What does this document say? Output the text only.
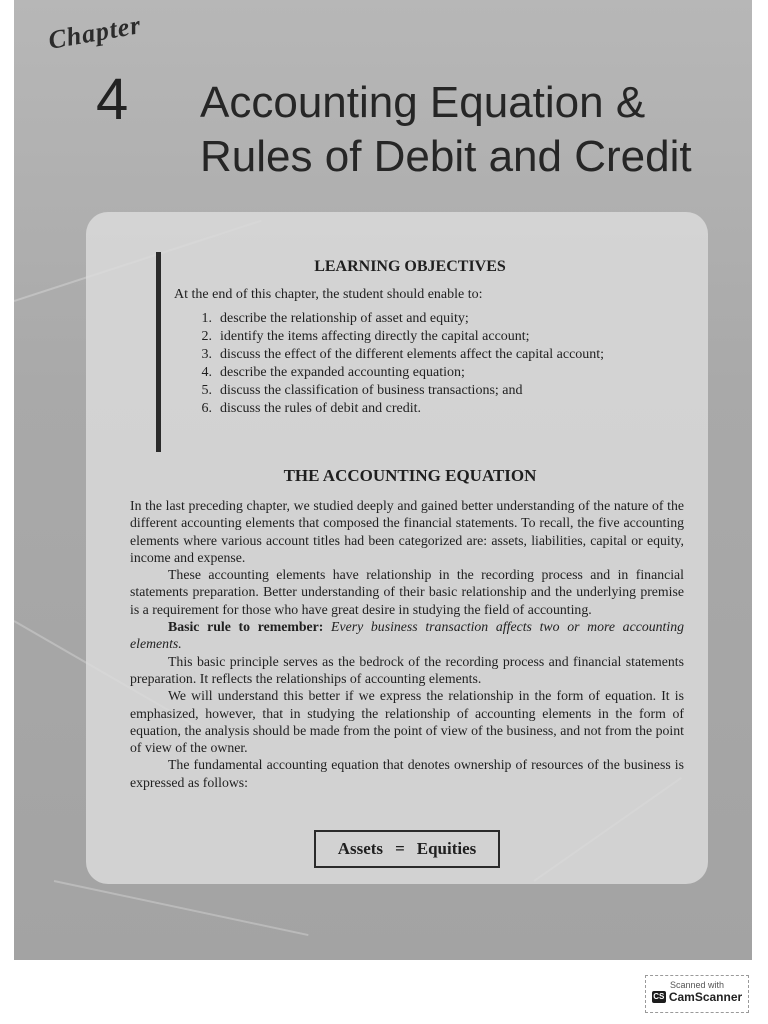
Chapter
4 Accounting Equation &
Rules of Debit and Credit
LEARNING OBJECTIVES
At the end of this chapter, the student should enable to:
1. describe the relationship of asset and equity;
2. identify the items affecting directly the capital account;
3. discuss the effect of the different elements affect the capital account;
4. describe the expanded accounting equation;
5. discuss the classification of business transactions; and
6. discuss the rules of debit and credit.
THE ACCOUNTING EQUATION

In the last preceding chapter, we studied deeply and gained better understanding of the nature of the different accounting elements that composed the financial statements. To recall, the five accounting elements where various account titles had been categorized are: assets, liabilities, capital or equity, income and expense.

These accounting elements have relationship in the recording process and in financial statements preparation. Better understanding of their basic relationship and the underlying premise is a requirement for those who have great desire in studying the field of accounting.

Basic rule to remember: Every business transaction affects two or more accounting elements.

This basic principle serves as the bedrock of the recording process and financial statements preparation. It reflects the relationships of accounting elements.

We will understand this better if we express the relationship in the form of equation. It is emphasized, however, that in studying the relationship of accounting elements in the form of equation, the analysis should be made from the point of view of the business, and not from the point of view of the owner.

The fundamental accounting equation that denotes ownership of resources of the business is expressed as follows:

Assets = Equities
Scanned with
CS CamScanner
